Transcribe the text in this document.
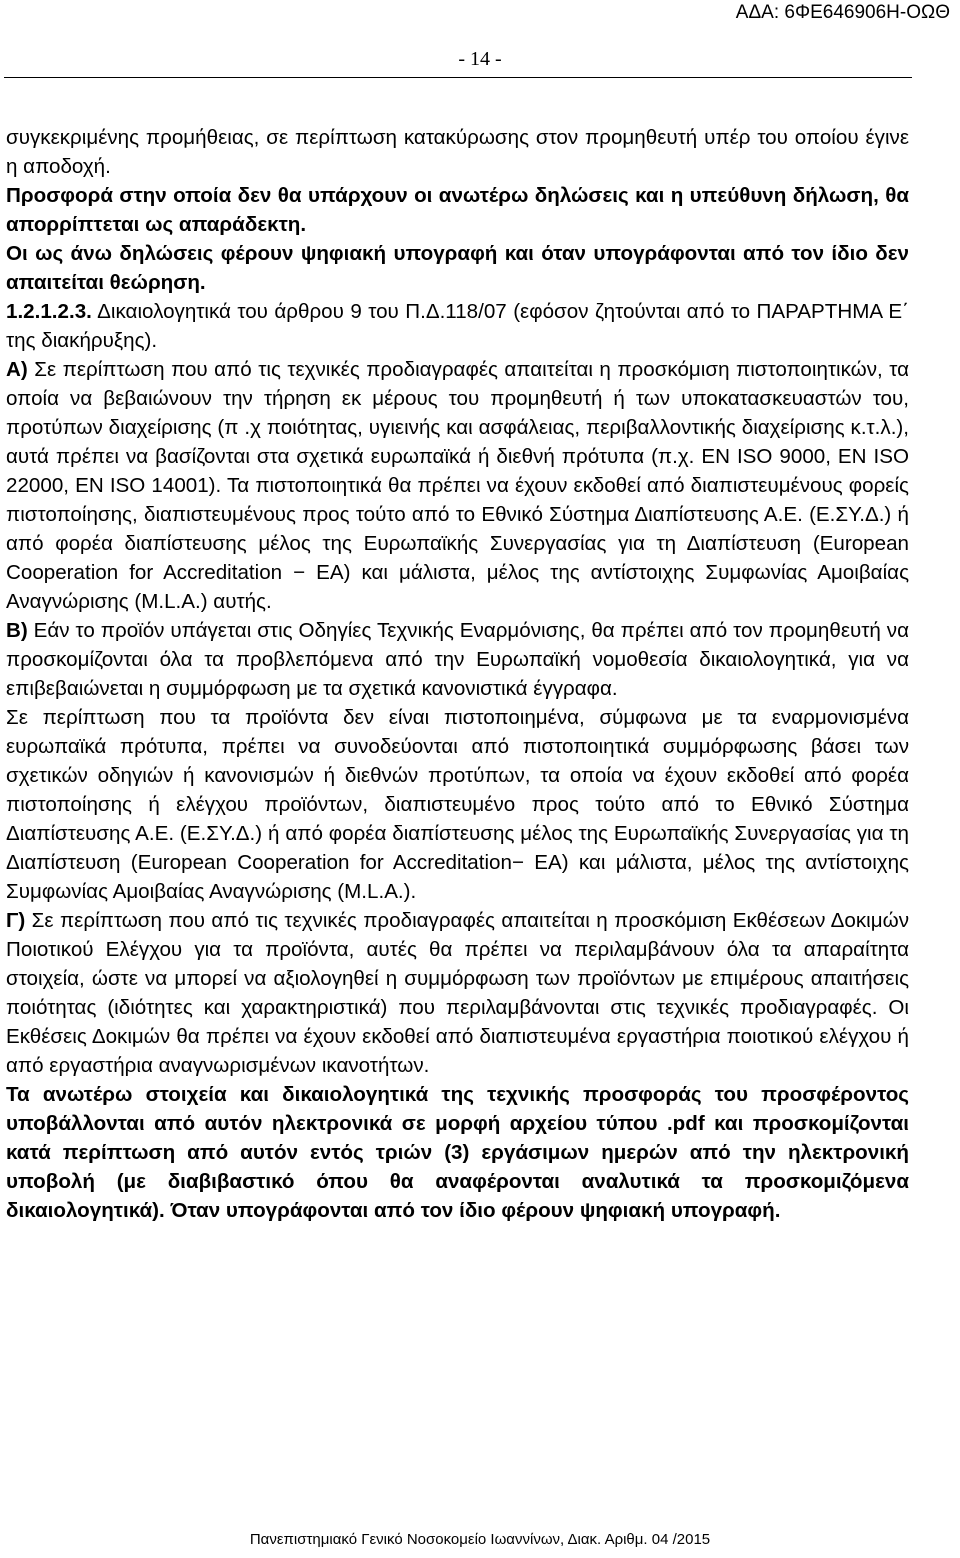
ΑΔΑ: 6ΦΕ646906Η-ΟΩΘ
- 14 -

συγκεκριμένης προμήθειας, σε περίπτωση κατακύρωσης στον προμηθευτή υπέρ του οποίου έγινε η αποδοχή.

Προσφορά στην οποία δεν θα υπάρχουν οι ανωτέρω δηλώσεις και η υπεύθυνη δήλωση, θα απορρίπτεται ως απαράδεκτη.

Οι ως άνω δηλώσεις φέρουν ψηφιακή υπογραφή και όταν υπογράφονται από τον ίδιο δεν απαιτείται θεώρηση.

1.2.1.2.3. Δικαιολογητικά του άρθρου 9 του Π.Δ.118/07 (εφόσον ζητούνται από το ΠΑΡΑΡΤΗΜΑ Ε΄ της διακήρυξης).

Α) Σε περίπτωση που από τις τεχνικές προδιαγραφές απαιτείται η προσκόμιση πιστοποιητικών, τα οποία να βεβαιώνουν την τήρηση εκ μέρους του προμηθευτή ή των υποκατασκευαστών του, προτύπων διαχείρισης (π .χ ποιότητας, υγιεινής και ασφάλειας, περιβαλλοντικής διαχείρισης κ.τ.λ.), αυτά πρέπει να βασίζονται στα σχετικά ευρωπαϊκά ή διεθνή πρότυπα (π.χ. ΕΝ ISO 9000, ΕΝ ISO 22000, ΕΝ ISO 14001). Τα πιστοποιητικά θα πρέπει να έχουν εκδοθεί από διαπιστευμένους φορείς πιστοποίησης, διαπιστευμένους προς τούτο από το Εθνικό Σύστημα Διαπίστευσης Α.Ε. (Ε.ΣΥ.Δ.) ή από φορέα διαπίστευσης μέλος της Ευρωπαϊκής Συνεργασίας για τη Διαπίστευση (European Cooperation for Accreditation − EA) και μάλιστα, μέλος της αντίστοιχης Συμφωνίας Αμοιβαίας Αναγνώρισης (M.L.A.) αυτής.

Β) Εάν το προϊόν υπάγεται στις Οδηγίες Τεχνικής Εναρμόνισης, θα πρέπει από τον προμηθευτή να προσκομίζονται όλα τα προβλεπόμενα από την Ευρωπαϊκή νομοθεσία δικαιολογητικά, για να επιβεβαιώνεται η συμμόρφωση με τα σχετικά κανονιστικά έγγραφα.

Σε περίπτωση που τα προϊόντα δεν είναι πιστοποιημένα, σύμφωνα με τα εναρμονισμένα ευρωπαϊκά πρότυπα, πρέπει να συνοδεύονται από πιστοποιητικά συμμόρφωσης βάσει των σχετικών οδηγιών ή κανονισμών ή διεθνών προτύπων, τα οποία να έχουν εκδοθεί από φορέα πιστοποίησης ή ελέγχου προϊόντων, διαπιστευμένο προς τούτο από το Εθνικό Σύστημα Διαπίστευσης Α.Ε. (Ε.ΣΥ.Δ.) ή από φορέα διαπίστευσης μέλος της Ευρωπαϊκής Συνεργασίας για τη Διαπίστευση (European Cooperation for Accreditation− EA) και μάλιστα, μέλος της αντίστοιχης Συμφωνίας Αμοιβαίας Αναγνώρισης (M.L.A.).

Γ) Σε περίπτωση που από τις τεχνικές προδιαγραφές απαιτείται η προσκόμιση Εκθέσεων Δοκιμών Ποιοτικού Ελέγχου για τα προϊόντα, αυτές θα πρέπει να περιλαμβάνουν όλα τα απαραίτητα στοιχεία, ώστε να μπορεί να αξιολογηθεί η συμμόρφωση των προϊόντων με επιμέρους απαιτήσεις ποιότητας (ιδιότητες και χαρακτηριστικά) που περιλαμβάνονται στις τεχνικές προδιαγραφές. Οι Εκθέσεις Δοκιμών θα πρέπει να έχουν εκδοθεί από διαπιστευμένα εργαστήρια ποιοτικού ελέγχου ή από εργαστήρια αναγνωρισμένων ικανοτήτων.

Τα ανωτέρω στοιχεία και δικαιολογητικά της τεχνικής προσφοράς του προσφέροντος υποβάλλονται από αυτόν ηλεκτρονικά σε μορφή αρχείου τύπου .pdf και προσκομίζονται κατά περίπτωση από αυτόν εντός τριών (3) εργάσιμων ημερών από την ηλεκτρονική υποβολή (με διαβιβαστικό όπου θα αναφέρονται αναλυτικά τα προσκομιζόμενα δικαιολογητικά). Όταν υπογράφονται από τον ίδιο φέρουν ψηφιακή υπογραφή.

Πανεπιστημιακό Γενικό Νοσοκομείο Ιωαννίνων, Διακ. Αριθμ. 04 /2015
